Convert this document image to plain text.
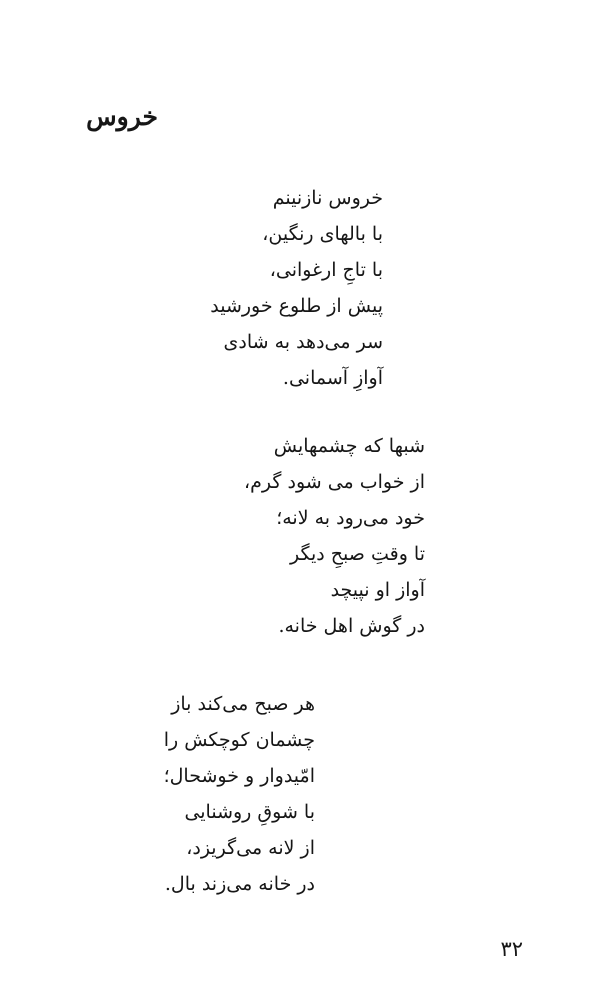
خروس
خروس نازنینم
با بالهای رنگین،
با تاجِ ارغوانی،
پیش از طلوع خورشید
سر می‌دهد به شادی
آوازِ آسمانی.
شبها که چشمهایش
از خواب می شود گرم،
خود می‌رود به لانه؛
تا وقتِ صبحِ دیگر
آواز او نپیچد
در گوش اهل خانه.
هر صبح می‌کند باز
چشمان کوچکش را
امّیدوار و خوشحال؛
با شوقِ روشنایی
از لانه می‌گریزد،
در خانه می‌زند بال.
۳۲
